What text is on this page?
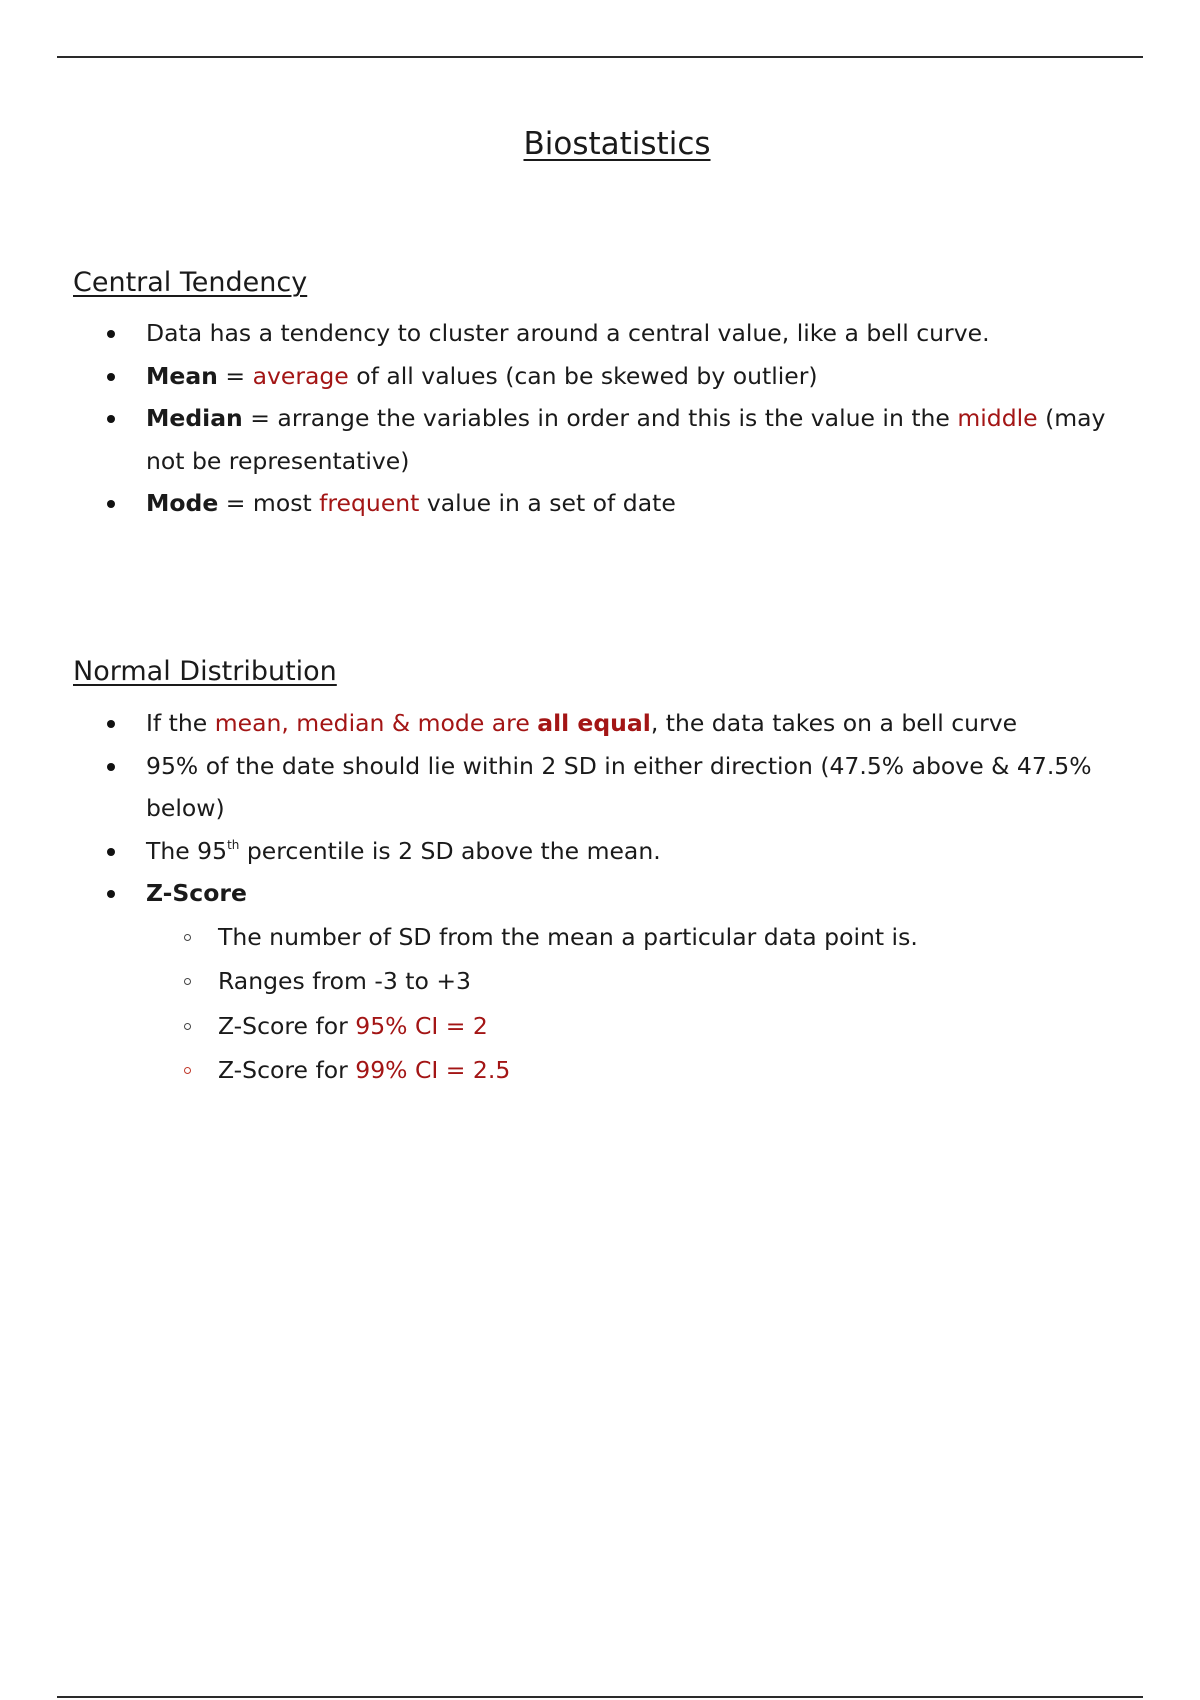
Biostatistics
Central Tendency
Data has a tendency to cluster around a central value, like a bell curve.
Mean = average of all values (can be skewed by outlier)
Median = arrange the variables in order and this is the value in the middle (may not be representative)
Mode = most frequent value in a set of date
Normal Distribution
If the mean, median & mode are all equal, the data takes on a bell curve
95% of the date should lie within 2 SD in either direction (47.5% above & 47.5% below)
The 95th percentile is 2 SD above the mean.
Z-Score
The number of SD from the mean a particular data point is.
Ranges from -3 to +3
Z-Score for 95% CI = 2
Z-Score for 99% CI = 2.5
